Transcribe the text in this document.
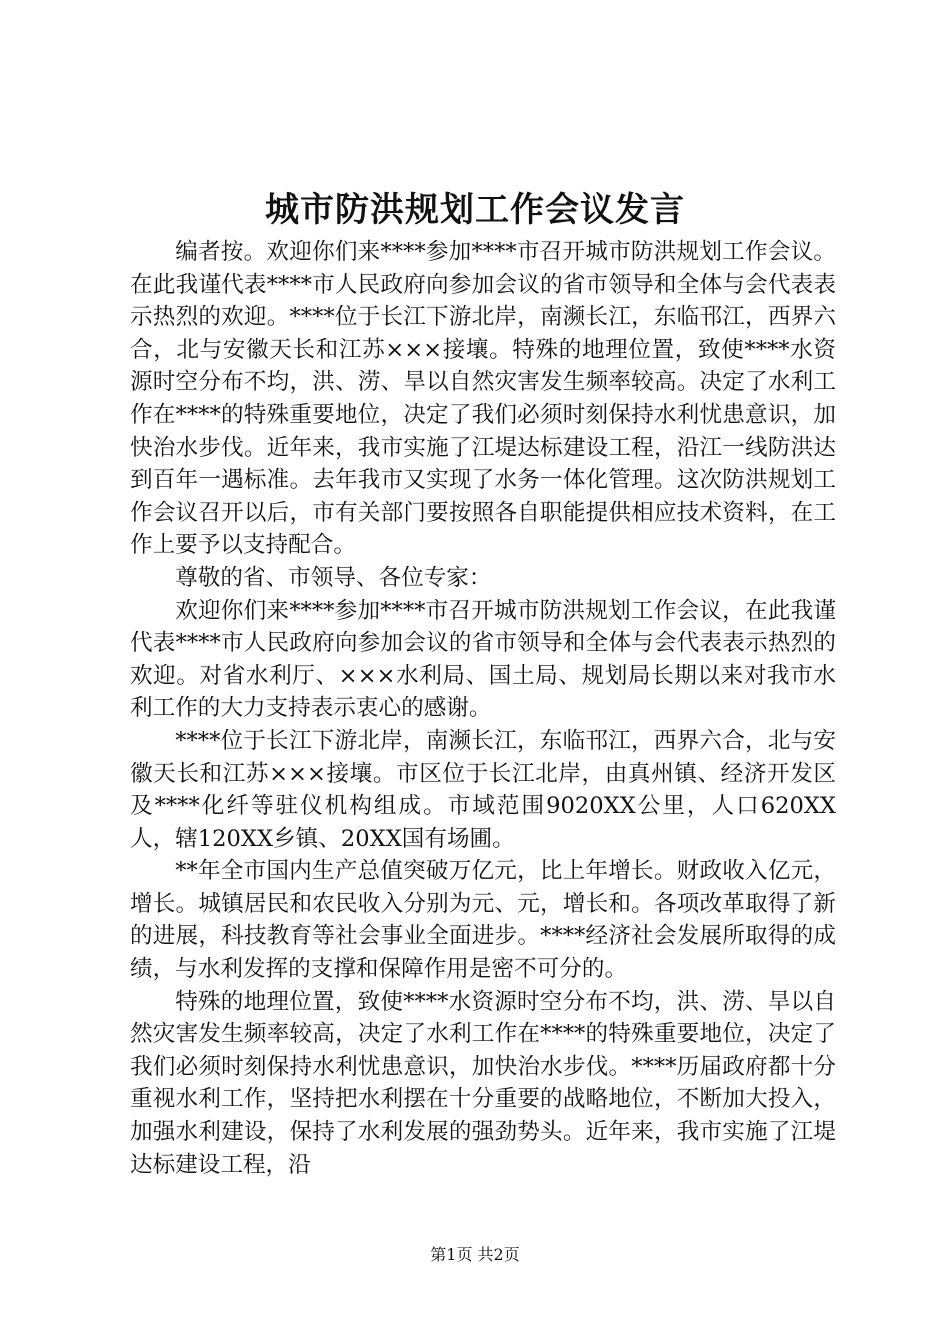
城市防洪规划工作会议发言

编者按。欢迎你们来****参加****市召开城市防洪规划工作会议。在此我谨代表****市人民政府向参加会议的省市领导和全体与会代表表示热烈的欢迎。****位于长江下游北岸，南濒长江，东临邗江，西界六合，北与安徽天长和江苏×××接壤。特殊的地理位置，致使****水资源时空分布不均，洪、涝、旱以自然灾害发生频率较高。决定了水利工作在****的特殊重要地位，决定了我们必须时刻保持水利忧患意识，加快治水步伐。近年来，我市实施了江堤达标建设工程，沿江一线防洪达到百年一遇标准。去年我市又实现了水务一体化管理。这次防洪规划工作会议召开以后，市有关部门要按照各自职能提供相应技术资料，在工作上要予以支持配合。

尊敬的省、市领导、各位专家：

欢迎你们来****参加****市召开城市防洪规划工作会议，在此我谨代表****市人民政府向参加会议的省市领导和全体与会代表表示热烈的欢迎。对省水利厅、×××水利局、国土局、规划局长期以来对我市水利工作的大力支持表示衷心的感谢。

****位于长江下游北岸，南濒长江，东临邗江，西界六合，北与安徽天长和江苏×××接壤。市区位于长江北岸，由真州镇、经济开发区及****化纤等驻仪机构组成。市域范围9020XX公里，人口620XX人，辖120XX乡镇、20XX国有场圃。

**年全市国内生产总值突破万亿元，比上年增长。财政收入亿元，增长。城镇居民和农民收入分别为元、元，增长和。各项改革取得了新的进展，科技教育等社会事业全面进步。****经济社会发展所取得的成绩，与水利发挥的支撑和保障作用是密不可分的。

特殊的地理位置，致使****水资源时空分布不均，洪、涝、旱以自然灾害发生频率较高，决定了水利工作在****的特殊重要地位，决定了我们必须时刻保持水利忧患意识，加快治水步伐。****历届政府都十分重视水利工作，坚持把水利摆在十分重要的战略地位，不断加大投入，加强水利建设，保持了水利发展的强劲势头。近年来，我市实施了江堤达标建设工程，沿

第1页 共2页
